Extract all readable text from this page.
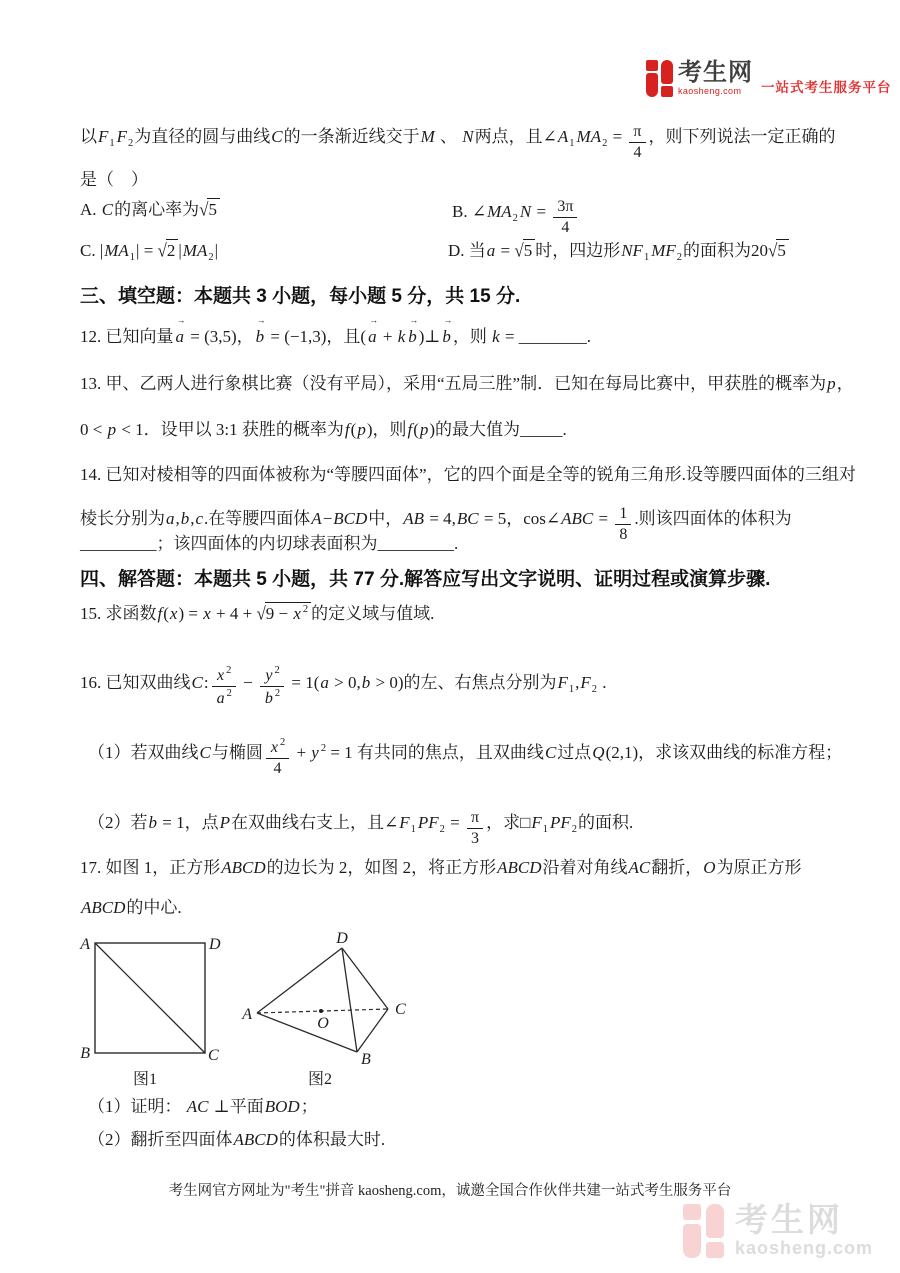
考生网
kaosheng.com	一站式考生服务平台
以$F_1$ $F_2$为直径的圆与曲线C的一条渐近线交于M 、 N两点，且$\angle A_1$ $MA_2 = \frac{\pi}{4}$ ，则下列说法一定正确的
是（　）
A. C的离心率为√5	B. $\angle MA_2$ $N = \frac{3\pi}{4}$
C. $|MA_1| = √2$ $|MA_2|$	D. 当a = √5 时，四边形$NF_1$ $MF_2$的面积为20√5
三、填空题：本题共 3 小题，每小题 5 分，共 15 分.
12. 已知向量
→
a = (3,5)，
→
b = (−1,3)，且(
→
a + k
→
b )⊥
→
b ，则 k = ________.
13. 甲、乙两人进行象棋比赛（没有平局），采用“五局三胜”制．已知在每局比赛中，甲获胜的概率为p，
0 < p < 1．设甲以 3:1 获胜的概率为f(p)，则f(p)的最大值为_____.
14. 已知对棱相等的四面体被称为“等腰四面体”，它的四个面是全等的锐角三角形.设等腰四面体的三组对
棱长分别为a,b,c.在等腰四面体A−BCD中，AB = 4,BC = 5，cos∠ABC = $\frac{1}{8}$ .则该四面体的体积为
_________；该四面体的内切球表面积为_________.
四、解答题：本题共 5 小题，共 77 分.解答应写出文字说明、证明过程或演算步骤.
15. 求函数f(x) = x + 4 + √9 − x $^2$ 的定义域与值域.
16. 已知双曲线C: $\frac{x ^2}{a ^2} - \frac{y ^2}{b ^2} = 1(a > 0,b > 0)$的左、右焦点分别为$F_1,F_2$ .
（1）若双曲线C与椭圆 $\frac{x ^2}{4} + y$ $^2$ = 1 有共同的焦点，且双曲线C过点Q(2,1)，求该双曲线的标准方程；
（2）若b = 1，点P在双曲线右支上，且$\angle F_1$ $PF_2 = \frac{\pi}{3}$ ，求$□F_1$ $PF_2$的面积.
17. 如图 1，正方形ABCD的边长为 2，如图 2，将正方形ABCD沿着对角线AC翻折，O为原正方形
ABCD的中心.
A	D
B	C
D
A	C
B
O
图1	图2
（1）证明： AC ⊥平面BOD；
（2）翻折至四面体ABCD的体积最大时.
考生网官方网址为"考生"拼音 kaosheng.com，诚邀全国合作伙伴共建一站式考生服务平台
考生网
kaosheng.com
